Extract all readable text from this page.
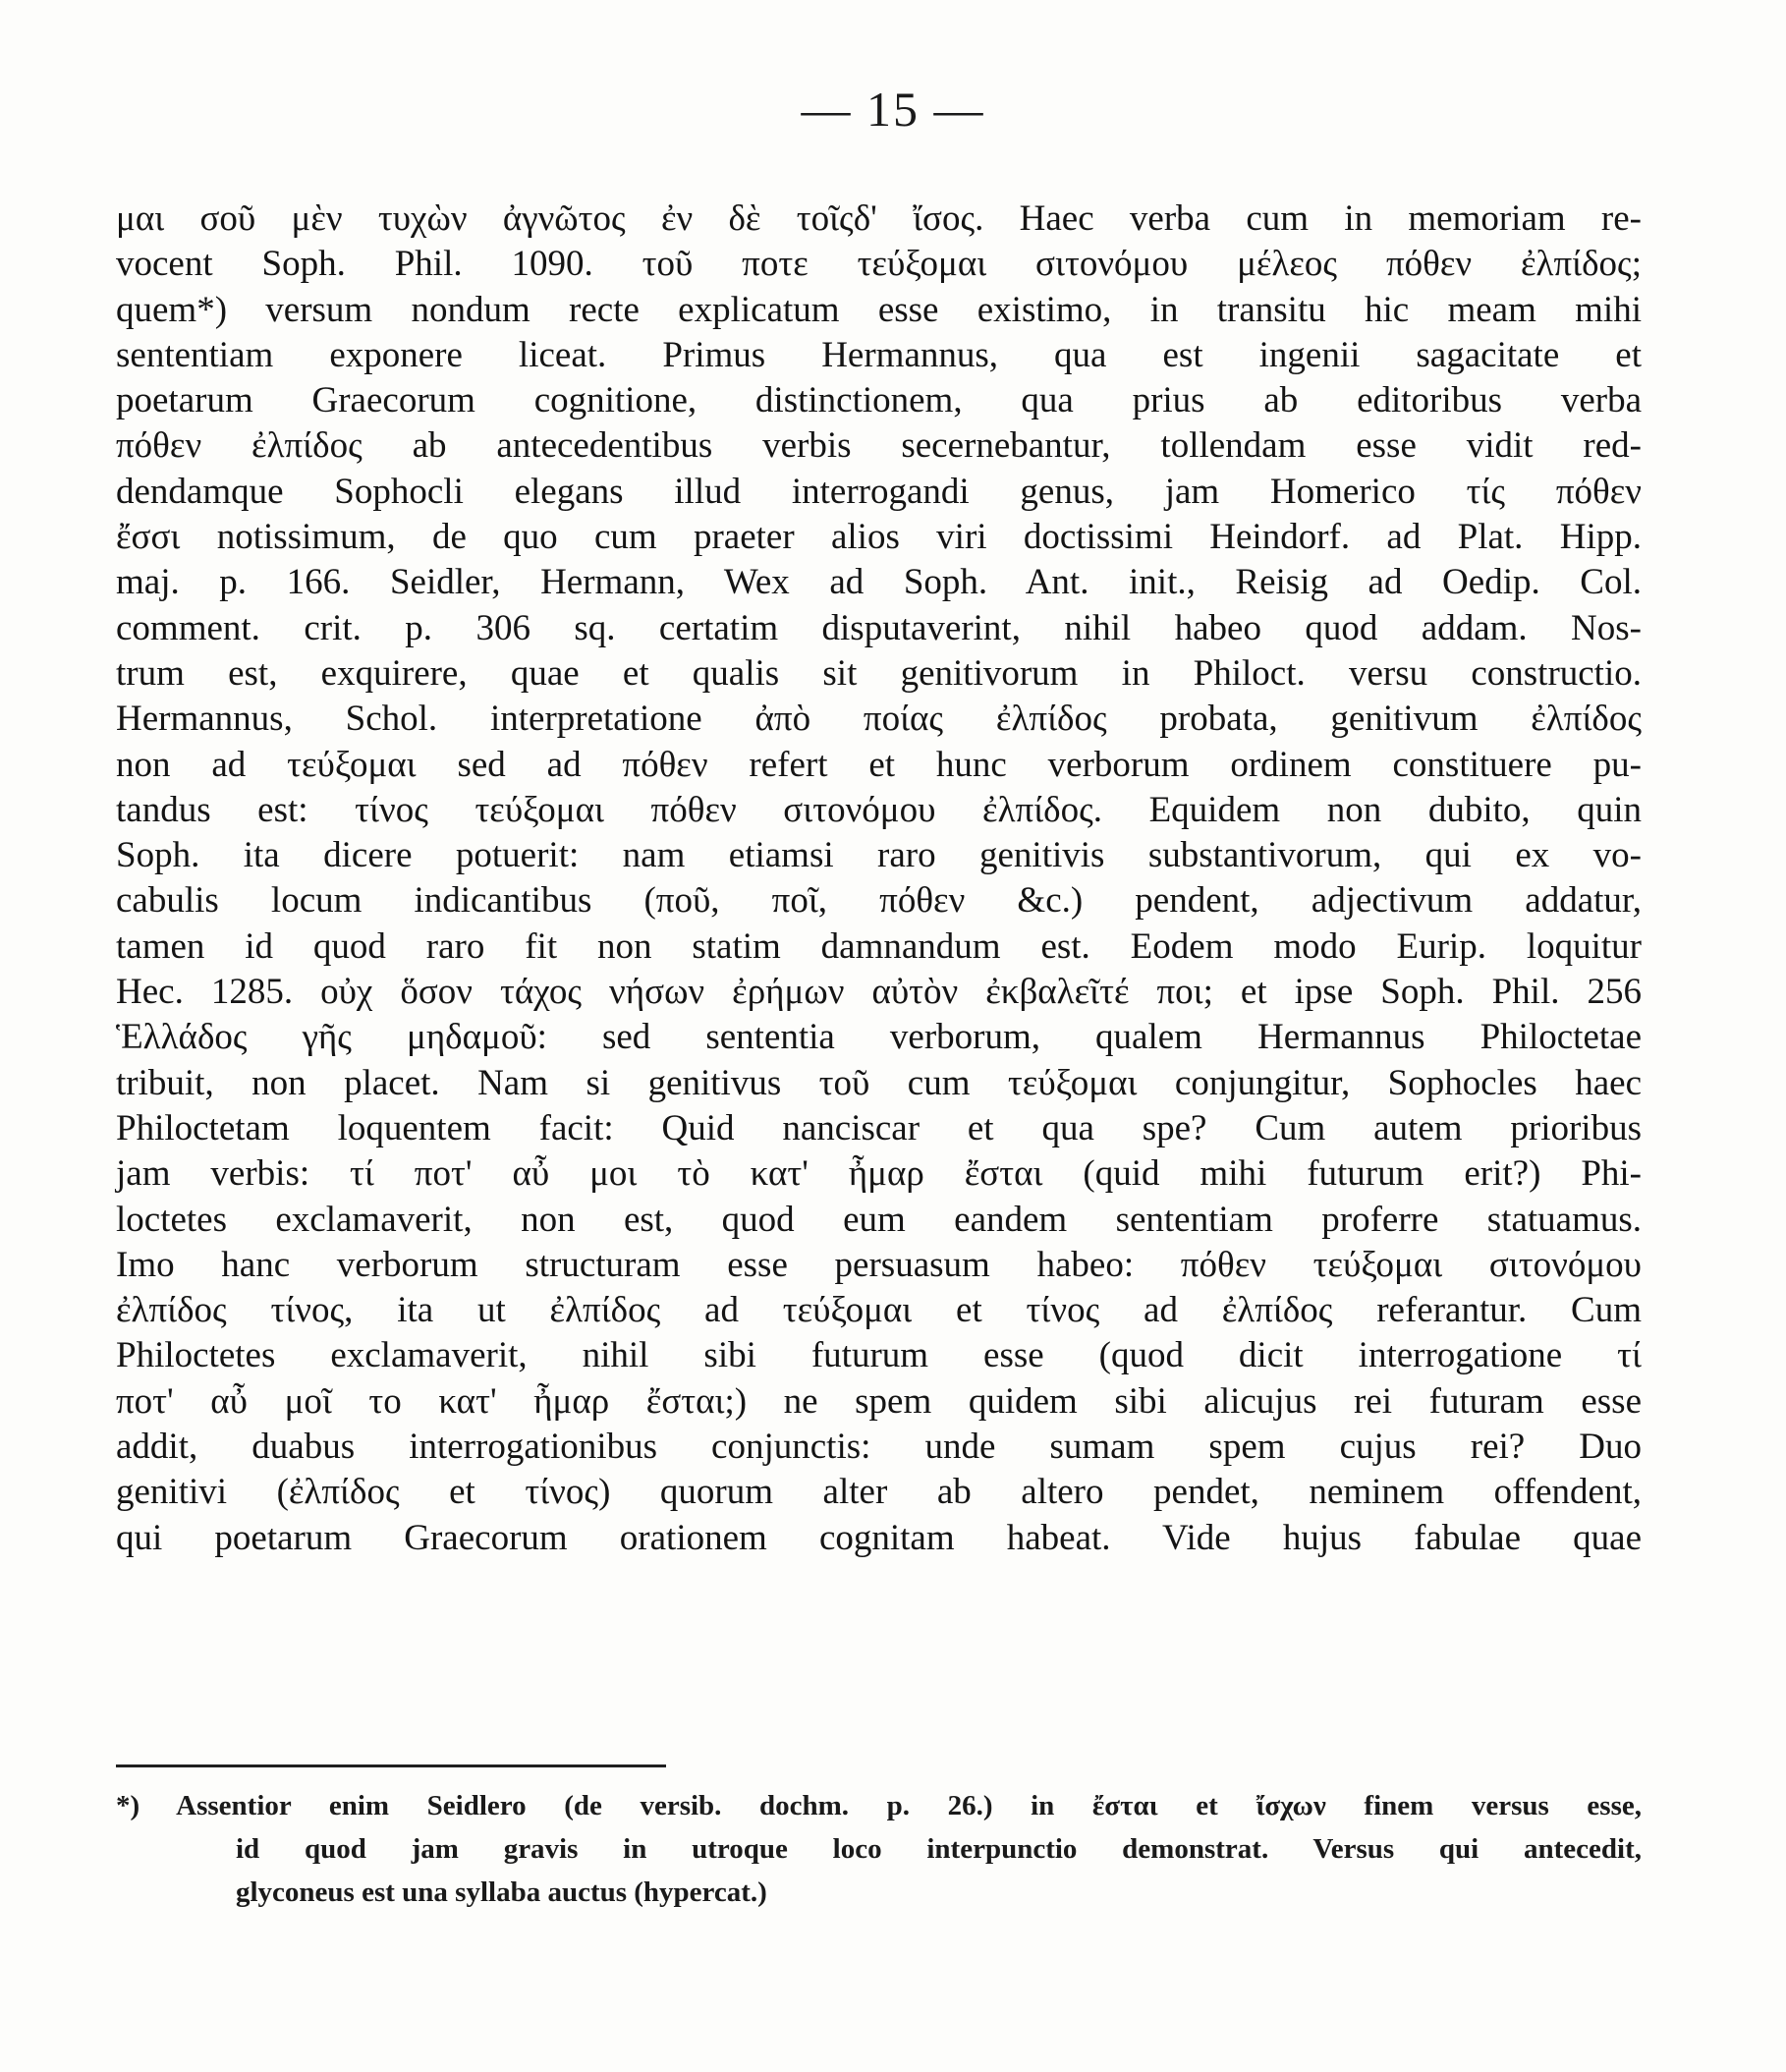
— 15 —
μαι σοῦ μὲν τυχὼν ἀγνῶτος ἐν δὲ τοῖςδ' ἴσος. Haec verba cum in memoriam re-
vocent Soph. Phil. 1090. τοῦ ποτε τεύξομαι σιτονόμου μέλεος πόθεν ἐλπίδος;
quem*) versum nondum recte explicatum esse existimo, in transitu hic meam mihi
sententiam exponere liceat. Primus Hermannus, qua est ingenii sagacitate et
poetarum Graecorum cognitione, distinctionem, qua prius ab editoribus verba
πόθεν ἐλπίδος ab antecedentibus verbis secernebantur, tollendam esse vidit red-
dendamque Sophocli elegans illud interrogandi genus, jam Homerico τίς πόθεν
ἔσσι notissimum, de quo cum praeter alios viri doctissimi Heindorf. ad Plat. Hipp.
maj. p. 166. Seidler, Hermann, Wex ad Soph. Ant. init., Reisig ad Oedip. Col.
comment. crit. p. 306 sq. certatim disputaverint, nihil habeo quod addam. Nos-
trum est, exquirere, quae et qualis sit genitivorum in Philoct. versu constructio.
Hermannus, Schol. interpretatione ἀπὸ ποίας ἐλπίδος probata, genitivum ἐλπίδος
non ad τεύξομαι sed ad πόθεν refert et hunc verborum ordinem constituere pu-
tandus est: τίνος τεύξομαι πόθεν σιτονόμου ἐλπίδος. Equidem non dubito, quin
Soph. ita dicere potuerit: nam etiamsi raro genitivis substantivorum, qui ex vo-
cabulis locum indicantibus (ποῦ, ποῖ, πόθεν &c.) pendent, adjectivum addatur,
tamen id quod raro fit non statim damnandum est. Eodem modo Eurip. loquitur
Hec. 1285. οὐχ ὅσον τάχος νήσων ἐρήμων αὐτὸν ἐκβαλεῖτέ ποι; et ipse Soph. Phil. 256
Ἑλλάδος γῆς μηδαμοῦ: sed sententia verborum, qualem Hermannus Philoctetae
tribuit, non placet. Nam si genitivus τοῦ cum τεύξομαι conjungitur, Sophocles haec
Philoctetam loquentem facit: Quid nanciscar et qua spe? Cum autem prioribus
jam verbis: τί ποτ' αὖ μοι τὸ κατ' ἦμαρ ἔσται (quid mihi futurum erit?) Phi-
loctetes exclamaverit, non est, quod eum eandem sententiam proferre statuamus.
Imo hanc verborum structuram esse persuasum habeo: πόθεν τεύξομαι σιτονόμου
ἐλπίδος τίνος, ita ut ἐλπίδος ad τεύξομαι et τίνος ad ἐλπίδος referantur. Cum
Philoctetes exclamaverit, nihil sibi futurum esse (quod dicit interrogatione τί
ποτ' αὖ μοῖ το κατ' ἦμαρ ἔσται;) ne spem quidem sibi alicujus rei futuram esse
addit, duabus interrogationibus conjunctis: unde sumam spem cujus rei? Duo
genitivi (ἐλπίδος et τίνος) quorum alter ab altero pendet, neminem offendent,
qui poetarum Graecorum orationem cognitam habeat. Vide hujus fabulae quae
*) Assentior enim Seidlero (de versib. dochm. p. 26.) in ἔσται et ἴσχων finem versus esse,
id quod jam gravis in utroque loco interpunctio demonstrat. Versus qui antecedit,
glyconeus est una syllaba auctus (hypercat.)
